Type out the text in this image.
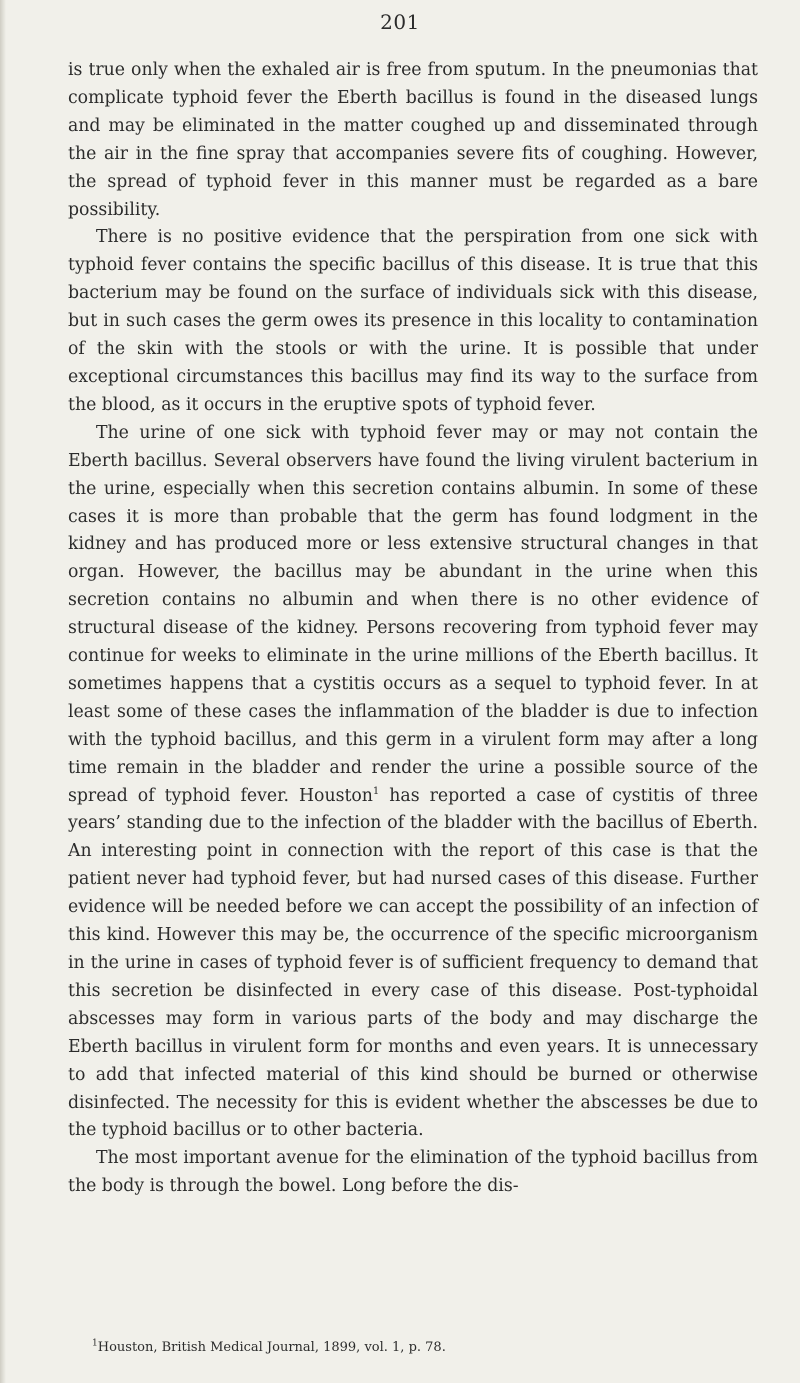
201

is true only when the exhaled air is free from sputum. In the pneumonias that complicate typhoid fever the Eberth bacillus is found in the diseased lungs and may be eliminated in the matter coughed up and disseminated through the air in the fine spray that accompanies severe fits of coughing. However, the spread of typhoid fever in this manner must be regarded as a bare possibility.

There is no positive evidence that the perspiration from one sick with typhoid fever contains the specific bacillus of this disease. It is true that this bacterium may be found on the surface of individuals sick with this disease, but in such cases the germ owes its presence in this locality to contamination of the skin with the stools or with the urine. It is possible that under exceptional circumstances this bacillus may find its way to the surface from the blood, as it occurs in the eruptive spots of typhoid fever.

The urine of one sick with typhoid fever may or may not contain the Eberth bacillus. Several observers have found the living virulent bacterium in the urine, especially when this secretion contains albumin. In some of these cases it is more than probable that the germ has found lodgment in the kidney and has produced more or less extensive structural changes in that organ. However, the bacillus may be abundant in the urine when this secretion contains no albumin and when there is no other evidence of structural disease of the kidney. Persons recovering from typhoid fever may continue for weeks to eliminate in the urine millions of the Eberth bacillus. It sometimes happens that a cystitis occurs as a sequel to typhoid fever. In at least some of these cases the inflammation of the bladder is due to infection with the typhoid bacillus, and this germ in a virulent form may after a long time remain in the bladder and render the urine a possible source of the spread of typhoid fever. Houston$^1$ has reported a case of cystitis of three years’ standing due to the infection of the bladder with the bacillus of Eberth. An interesting point in connection with the report of this case is that the patient never had typhoid fever, but had nursed cases of this disease. Further evidence will be needed before we can accept the possibility of an infection of this kind. However this may be, the occurrence of the specific microorganism in the urine in cases of typhoid fever is of sufficient frequency to demand that this secretion be disinfected in every case of this disease. Post-typhoidal abscesses may form in various parts of the body and may discharge the Eberth bacillus in virulent form for months and even years. It is unnecessary to add that infected material of this kind should be burned or otherwise disinfected. The necessity for this is evident whether the abscesses be due to the typhoid bacillus or to other bacteria.

The most important avenue for the elimination of the typhoid bacillus from the body is through the bowel. Long before the dis-

$^1$Houston, British Medical Journal, 1899, vol. 1, p. 78.
